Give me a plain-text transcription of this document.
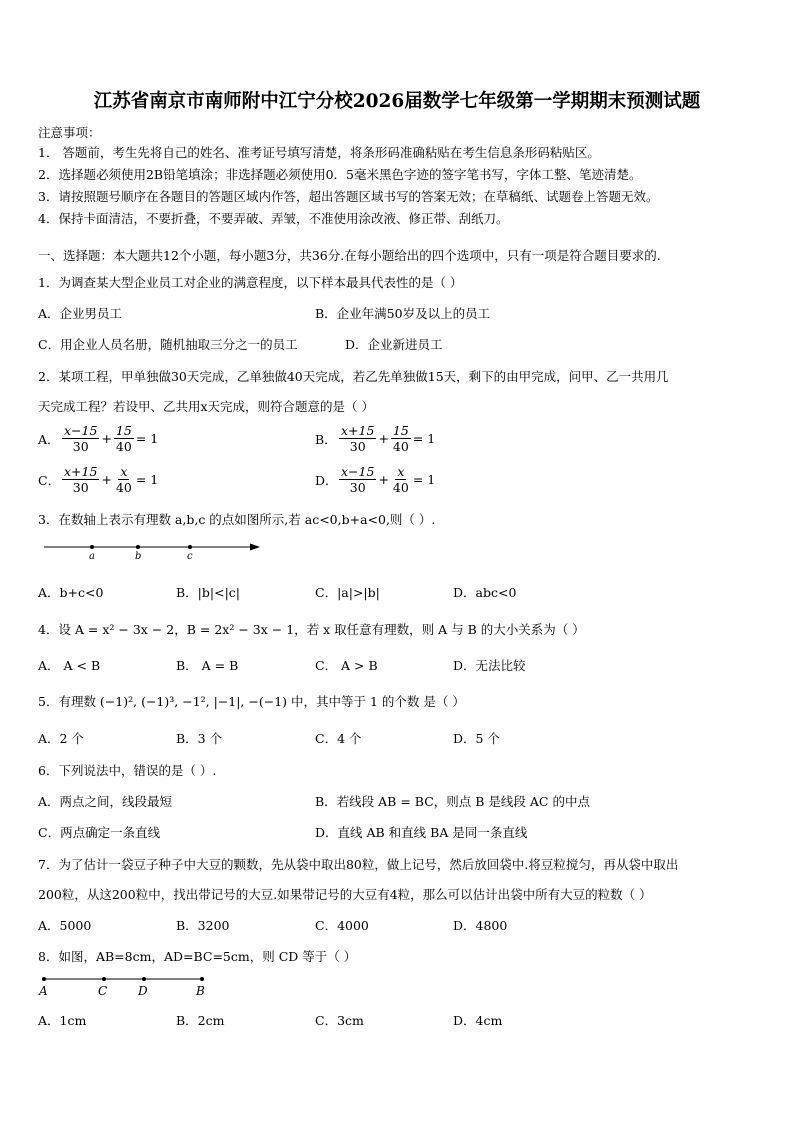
江苏省南京市南师附中江宁分校2026届数学七年级第一学期期末预测试题
注意事项：
1． 答题前，考生先将自己的姓名、准考证号填写清楚，将条形码准确粘贴在考生信息条形码粘贴区。
2．选择题必须使用2B铅笔填涂；非选择题必须使用0．5毫米黑色字迹的签字笔书写，字体工整、笔迹清楚。
3．请按照题号顺序在各题目的答题区域内作答，超出答题区域书写的答案无效；在草稿纸、试题卷上答题无效。
4．保持卡面清洁，不要折叠，不要弄破、弄皱，不准使用涂改液、修正带、刮纸刀。
一、选择题：本大题共12个小题，每小题3分，共36分.在每小题给出的四个选项中，只有一项是符合题目要求的.
1．为调查某大型企业员工对企业的满意程度，以下样本最具代表性的是（ ）
A．企业男员工	B．企业年满50岁及以上的员工
C．用企业人员名册，随机抽取三分之一的员工	D．企业新进员工
2．某项工程，甲单独做30天完成，乙单独做40天完成，若乙先单独做15天，剩下的由甲完成，问甲、乙一共用几
天完成工程？若设甲、乙共用x天完成，则符合题意的是（ ）
A． $\frac{x-15}{30} + \frac{15}{40} = 1$	B． $\frac{x+15}{30} + \frac{15}{40} = 1$
C． $\frac{x+15}{30} + \frac{x}{40} = 1$	D． $\frac{x-15}{30} + \frac{x}{40} = 1$
3．在数轴上表示有理数 a,b,c 的点如图所示,若 ac<0,b+a<0,则（ ）.
a	b	c
A．b+c<0	B．|b|<|c|	C．|a|>|b|	D．abc<0
4．设 A = x² − 3x − 2，B = 2x² − 3x − 1，若 x 取任意有理数，则 A 与 B 的大小关系为（ ）
A． A < B	B． A = B	C． A > B	D．无法比较
5．有理数 (−1)², (−1)³, −1², |−1|, −(−1) 中，其中等于 1 的个数 是（ ）
A．2 个	B．3 个	C．4 个	D．5 个
6．下列说法中，错误的是（ ）.
A．两点之间，线段最短	B．若线段 AB = BC，则点 B 是线段 AC 的中点
C．两点确定一条直线	D．直线 AB 和直线 BA 是同一条直线
7．为了估计一袋豆子种子中大豆的颗数，先从袋中取出80粒，做上记号，然后放回袋中.将豆粒搅匀，再从袋中取出
200粒，从这200粒中，找出带记号的大豆.如果带记号的大豆有4粒，那么可以估计出袋中所有大豆的粒数（ ）
A．5000	B．3200	C．4000	D．4800
8．如图，AB=8cm，AD=BC=5cm，则 CD 等于（ ）
A	C	D	B
A．1cm	B．2cm	C．3cm	D．4cm
